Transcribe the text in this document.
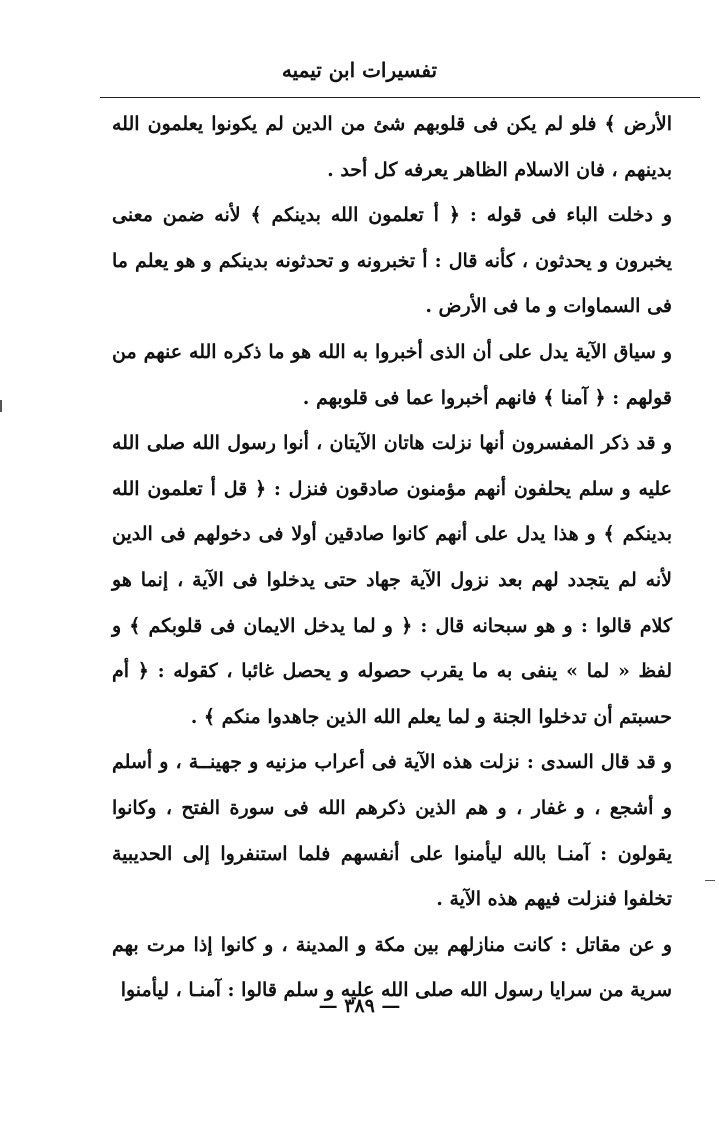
تفسيرات ابن تيميه

الأرض ﴾ فلو لم يكن فى قلوبهم شئ من الدين لم يكونوا يعلمون الله بدينهم ، فان الاسلام الظاهر يعرفه كل أحد .

و دخلت الباء فى قوله : ﴿ أ تعلمون الله بدينكم ﴾ لأنه ضمن معنى يخبرون و يحدثون ، كأنه قال : أ تخبرونه و تحدثونه بدينكم و هو يعلم ما فى السماوات و ما فى الأرض .

و سياق الآية يدل على أن الذى أخبروا به الله هو ما ذكره الله عنهم من قولهم : ﴿ آمنا ﴾ فانهم أخبروا عما فى قلوبهم .

و قد ذكر المفسرون أنها نزلت هاتان الآيتان ، أنوا رسول الله صلى الله عليه و سلم يحلفون أنهم مؤمنون صادقون فنزل : ﴿ قل أ تعلمون الله بدينكم ﴾ و هذا يدل على أنهم كانوا صادقين أولا فى دخولهم فى الدين لأنه لم يتجدد لهم بعد نزول الآية جهاد حتى يدخلوا فى الآية ، إنما هو كلام قالوا : و هو سبحانه قال : ﴿ و لما يدخل الايمان فى قلوبكم ﴾ و لفظ « لما » ينفى به ما يقرب حصوله و يحصل غائبا ، كقوله : ﴿ أم حسبتم أن تدخلوا الجنة و لما يعلم الله الذين جاهدوا منكم ﴾ .

و قد قال السدى : نزلت هذه الآية فى أعراب مزنيه و جهينــة ، و أسلم و أشجع ، و غفار ، و هم الذين ذكرهم الله فى سورة الفتح ، وكانوا يقولون : آمنـا بالله ليأمنوا على أنفسهم فلما استنفروا إلى الحديبية تخلفوا فنزلت فيهم هذه الآية .

و عن مقاتل : كانت منازلهم بين مكة و المدينة ، و كانوا إذا مرت بهم سرية من سرايا رسول الله صلى الله عليه و سلم قالوا : آمنـا ، ليأمنوا

— ٣٨٩ —
